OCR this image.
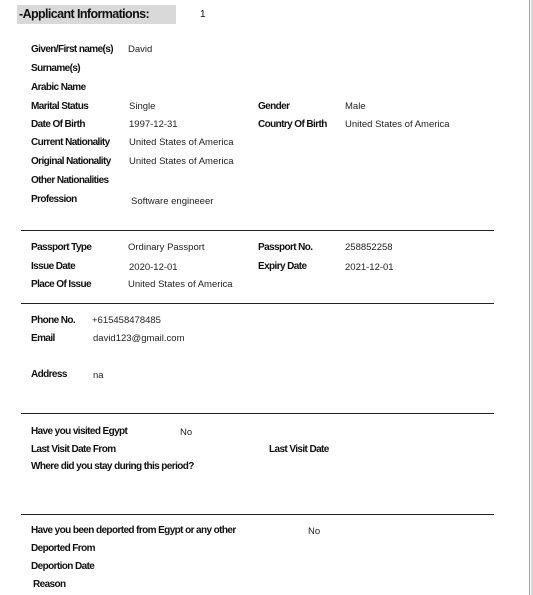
-Applicant Informations:	1
Given/First name(s) David
Surname(s)
Arabic Name
Marital Status	Single	Gender	Male
Date Of Birth	1997-12-31	Country Of Birth United States of America
Current Nationality United States of America
Original Nationality United States of America
Other Nationalities
Profession	Software engineeer
Passport Type	Ordinary Passport	Passport No.	258852258
Issue Date	2020-12-01	Expiry Date	2021-12-01
Place Of Issue	United States of America
Phone No. +615458478485
Email	david123@gmail.com
Address	na
Have you visited Egypt	No
Last Visit Date From	Last Visit Date
Where did you stay during this period?
Have you been deported from Egypt or any other	No
Deported From
Deportion Date
Reason
